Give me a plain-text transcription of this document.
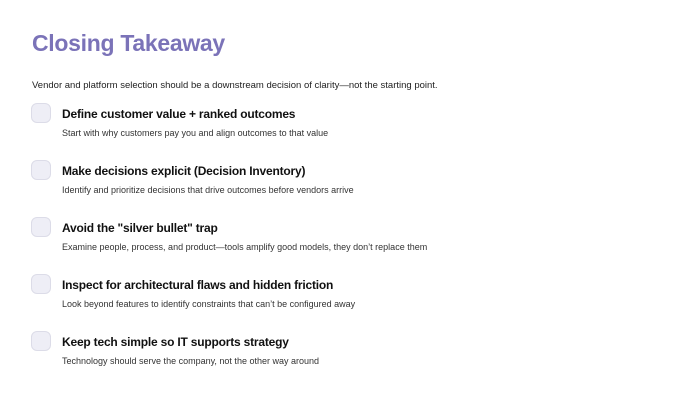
Closing Takeaway

Vendor and platform selection should be a downstream decision of clarity—not the starting point.

Define customer value + ranked outcomes
Start with why customers pay you and align outcomes to that value
Make decisions explicit (Decision Inventory)
Identify and prioritize decisions that drive outcomes before vendors arrive
Avoid the "silver bullet" trap
Examine people, process, and product—tools amplify good models, they don’t replace them
Inspect for architectural flaws and hidden friction
Look beyond features to identify constraints that can’t be configured away
Keep tech simple so IT supports strategy
Technology should serve the company, not the other way around
